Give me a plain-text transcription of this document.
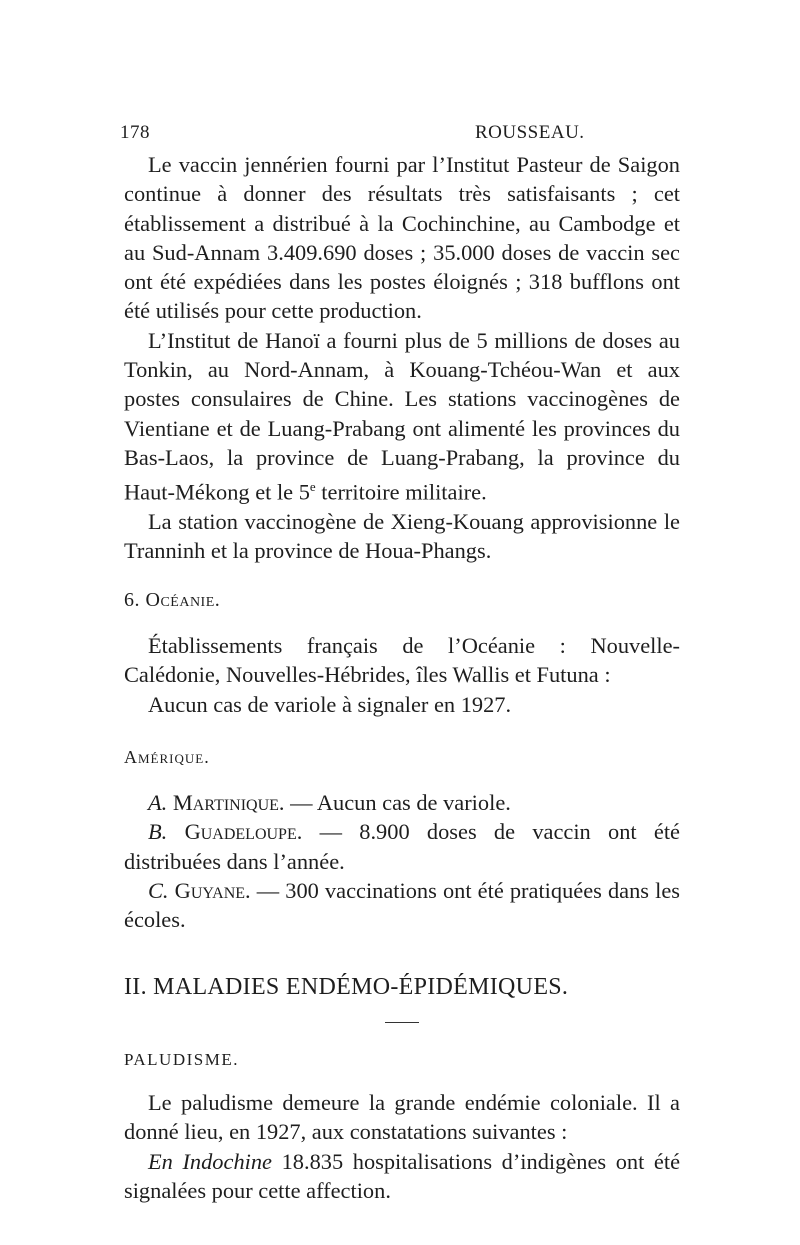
178	ROUSSEAU.

Le vaccin jennérien fourni par l’Institut Pasteur de Saigon continue à donner des résultats très satisfaisants ; cet établissement a distribué à la Cochinchine, au Cambodge et au Sud-Annam 3.409.690 doses ; 35.000 doses de vaccin sec ont été expédiées dans les postes éloignés ; 318 bufflons ont été utilisés pour cette production.

L’Institut de Hanoï a fourni plus de 5 millions de doses au Tonkin, au Nord-Annam, à Kouang-Tchéou-Wan et aux postes consulaires de Chine. Les stations vaccinogènes de Vientiane et de Luang-Prabang ont alimenté les provinces du Bas-Laos, la province de Luang-Prabang, la province du Haut-Mékong et le 5e territoire militaire.

La station vaccinogène de Xieng-Kouang approvisionne le Tranninh et la province de Houa-Phangs.

6. Océanie.

Établissements français de l’Océanie : Nouvelle-Calédonie, Nouvelles-Hébrides, îles Wallis et Futuna :

Aucun cas de variole à signaler en 1927.

Amérique.

A. Martinique. — Aucun cas de variole.

B. Guadeloupe. — 8.900 doses de vaccin ont été distribuées dans l’année.

C. Guyane. — 300 vaccinations ont été pratiquées dans les écoles.

II. MALADIES ENDÉMO-ÉPIDÉMIQUES.

PALUDISME.

Le paludisme demeure la grande endémie coloniale. Il a donné lieu, en 1927, aux constatations suivantes :

En Indochine 18.835 hospitalisations d’indigènes ont été signalées pour cette affection.
